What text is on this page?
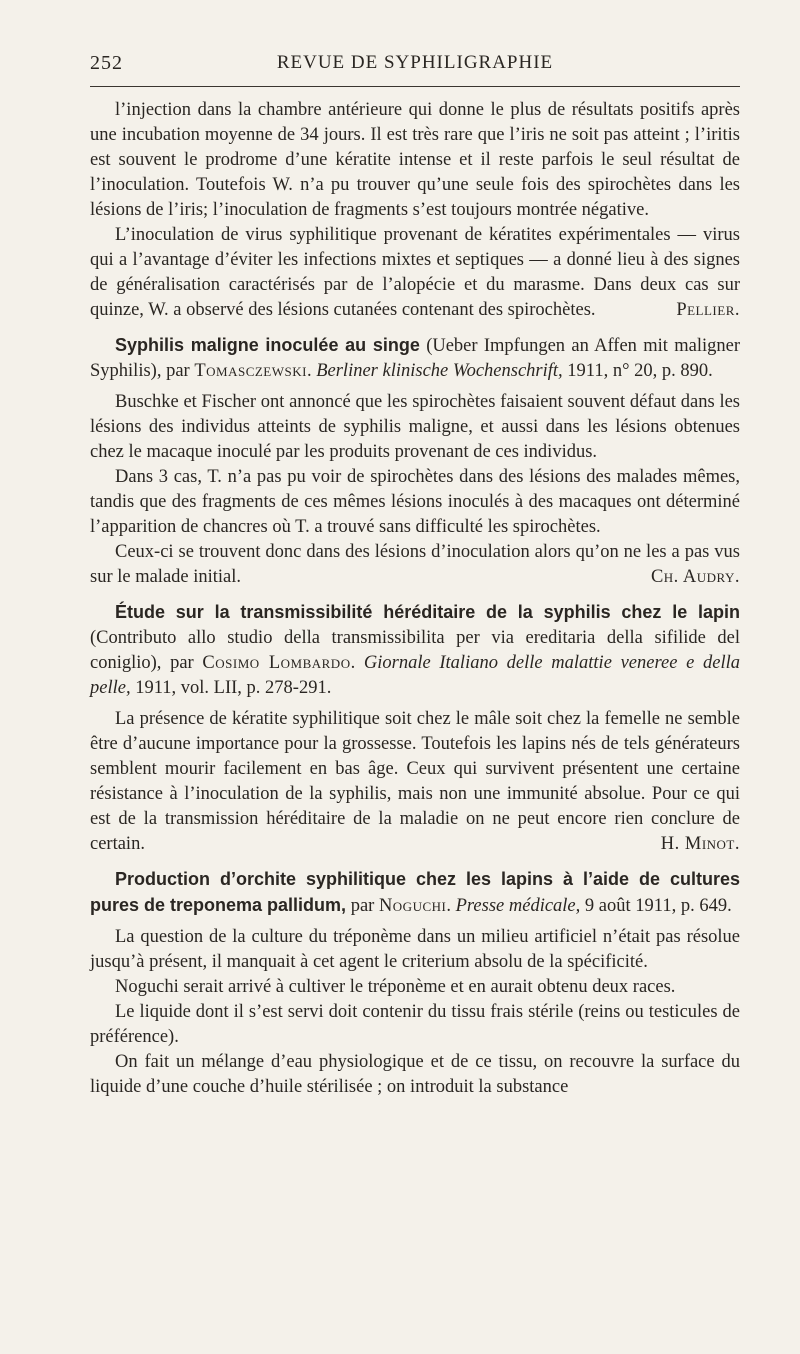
252	REVUE DE SYPHILIGRAPHIE

l’injection dans la chambre antérieure qui donne le plus de résultats positifs après une incubation moyenne de 34 jours. Il est très rare que l’iris ne soit pas atteint ; l’iritis est souvent le prodrome d’une kératite intense et il reste parfois le seul résultat de l’inoculation. Toutefois W. n’a pu trouver qu’une seule fois des spirochètes dans les lésions de l’iris; l’inoculation de fragments s’est toujours montrée négative.

L’inoculation de virus syphilitique provenant de kératites expérimentales — virus qui a l’avantage d’éviter les infections mixtes et septiques — a donné lieu à des signes de généralisation caractérisés par de l’alopécie et du marasme. Dans deux cas sur quinze, W. a observé des lésions cutanées contenant des spirochètes.	Pellier.

Syphilis maligne inoculée au singe (Ueber Impfungen an Affen mit maligner Syphilis), par Tomasczewski. Berliner klinische Wochenschrift, 1911, n° 20, p. 890.

Buschke et Fischer ont annoncé que les spirochètes faisaient souvent défaut dans les lésions des individus atteints de syphilis maligne, et aussi dans les lésions obtenues chez le macaque inoculé par les produits provenant de ces individus.

Dans 3 cas, T. n’a pas pu voir de spirochètes dans des lésions des malades mêmes, tandis que des fragments de ces mêmes lésions inoculés à des macaques ont déterminé l’apparition de chancres où T. a trouvé sans difficulté les spirochètes.

Ceux-ci se trouvent donc dans des lésions d’inoculation alors qu’on ne les a pas vus sur le malade initial.	Ch. Audry.

Étude sur la transmissibilité héréditaire de la syphilis chez le lapin (Contributo allo studio della transmissibilita per via ereditaria della sifilide del coniglio), par Cosimo Lombardo. Giornale Italiano delle malattie veneree e della pelle, 1911, vol. LII, p. 278-291.

La présence de kératite syphilitique soit chez le mâle soit chez la femelle ne semble être d’aucune importance pour la grossesse. Toutefois les lapins nés de tels générateurs semblent mourir facilement en bas âge. Ceux qui survivent présentent une certaine résistance à l’inoculation de la syphilis, mais non une immunité absolue. Pour ce qui est de la transmission héréditaire de la maladie on ne peut encore rien conclure de certain.	H. Minot.

Production d’orchite syphilitique chez les lapins à l’aide de cultures pures de treponema pallidum, par Noguchi. Presse médicale, 9 août 1911, p. 649.

La question de la culture du tréponème dans un milieu artificiel n’était pas résolue jusqu’à présent, il manquait à cet agent le criterium absolu de la spécificité.

Noguchi serait arrivé à cultiver le tréponème et en aurait obtenu deux races.

Le liquide dont il s’est servi doit contenir du tissu frais stérile (reins ou testicules de préférence).

On fait un mélange d’eau physiologique et de ce tissu, on recouvre la surface du liquide d’une couche d’huile stérilisée ; on introduit la substance
